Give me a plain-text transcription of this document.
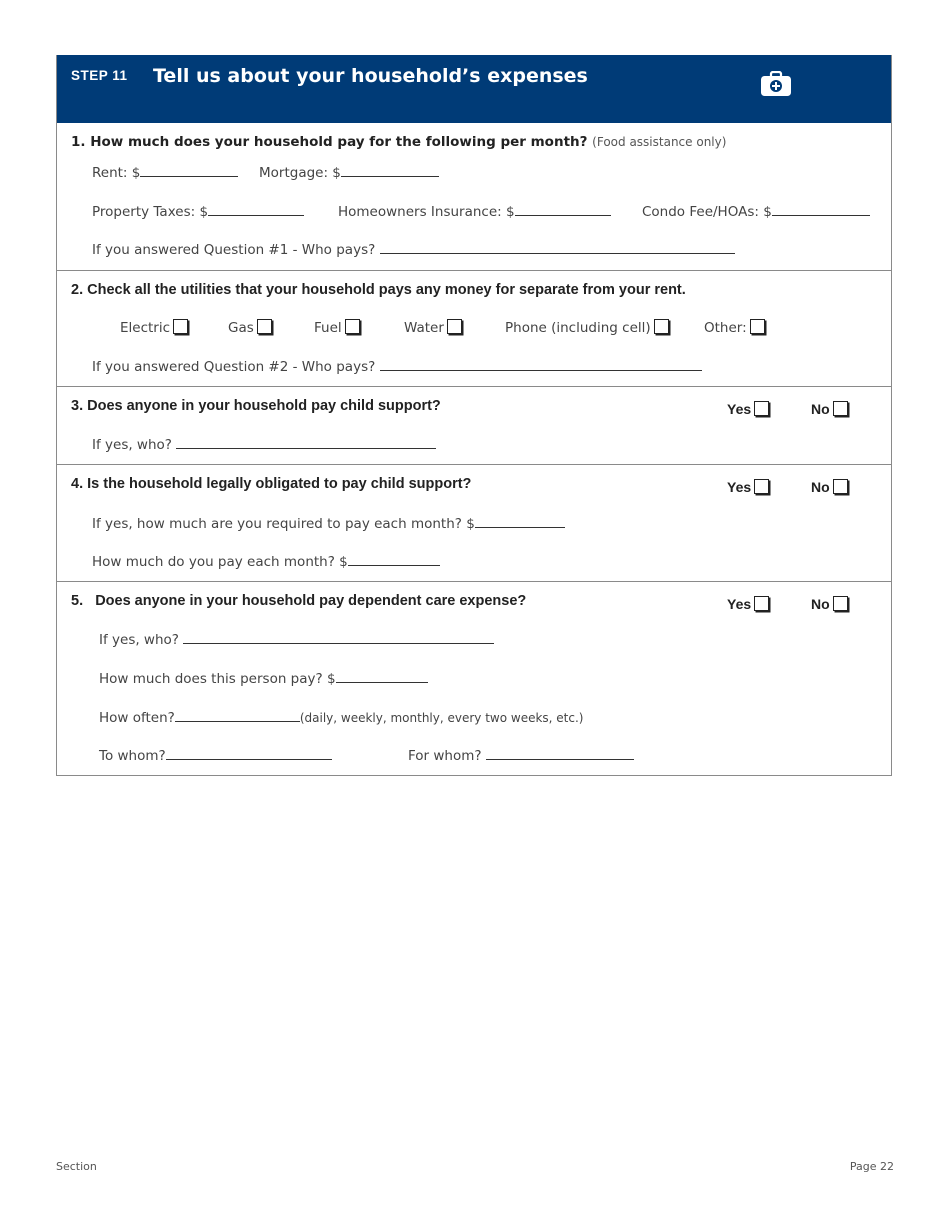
STEP 11 Tell us about your household’s expenses
1. How much does your household pay for the following per month? (Food assistance only)
Rent: $	Mortgage: $
Property Taxes: $	Homeowners Insurance: $	Condo Fee/HOAs: $
If you answered Question #1 - Who pays?
2. Check all the utilities that your household pays any money for separate from your rent.
Electric	Gas	Fuel	Water	Phone (including cell)	Other:
If you answered Question #2 - Who pays?
3. Does anyone in your household pay child support?	Yes	No
If yes, who?
4. Is the household legally obligated to pay child support?	Yes	No
If yes, how much are you required to pay each month? $
How much do you pay each month? $
5. Does anyone in your household pay dependent care expense?	Yes	No
If yes, who?
How much does this person pay? $
How often?	(daily, weekly, monthly, every two weeks, etc.)
To whom?	For whom?
Section	Page 22
